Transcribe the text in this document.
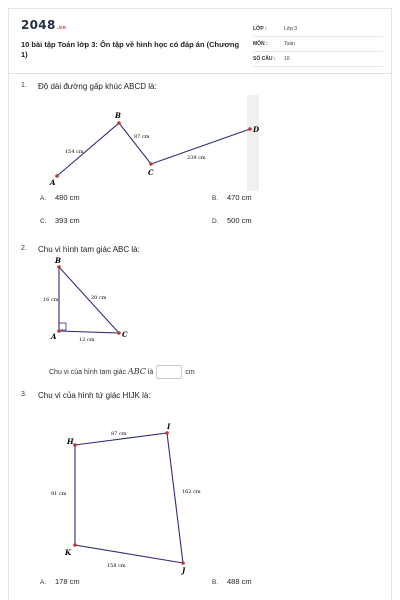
2048.vn
10 bài tập Toán lớp 3: Ôn tập về hình học có đáp án (Chương 1)
LỚP :	Lớp 3
MÔN :	Toán
SỐ CÂU : 10
1. Độ dài đường gấp khúc ABCD là:
A
B
C
D
154 cm
87 cm
239 cm
A. 480 cm	B. 470 cm
C. 393 cm	D. 500 cm
2. Chu vi hình tam giác ABC là:
B
A	C
16 cm	20 cm
12 cm
Chu vi của hình tam giác ABC là	cm
3. Chu vi của hình tứ giác HIJK là:
H
I
J
K
87 cm
162 cm
158 cm
91 cm
A. 178 cm	B. 488 cm
